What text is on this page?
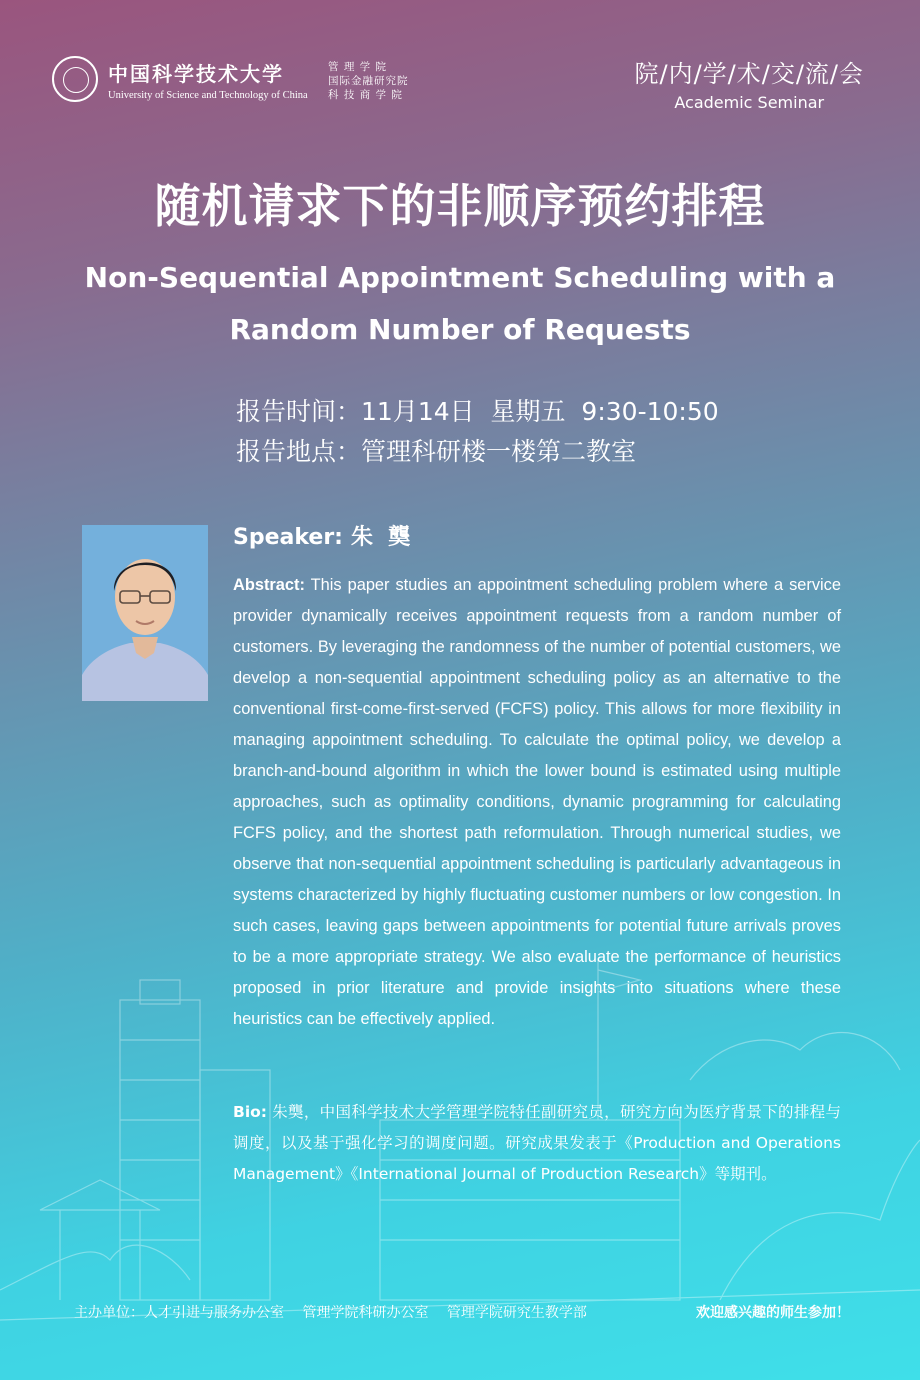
中国科学技术大学
University of Science and Technology of China
管 理 学 院
国际金融研究院
科 技 商 学 院
院/内/学/术/交/流/会
Academic Seminar
随机请求下的非顺序预约排程
Non-Sequential Appointment Scheduling with a Random Number of Requests
报告时间：11月14日  星期五  9:30-10:50
报告地点：管理科研楼一楼第二教室
Speaker: 朱  龑
Abstract: This paper studies an appointment scheduling problem where a service provider dynamically receives appointment requests from a random number of customers. By leveraging the randomness of the number of potential customers, we develop a non-sequential appointment scheduling policy as an alternative to the conventional first-come-first-served (FCFS) policy. This allows for more flexibility in managing appointment scheduling. To calculate the optimal policy, we develop a branch-and-bound algorithm in which the lower bound is estimated using multiple approaches, such as optimality conditions, dynamic programming for calculating FCFS policy, and the shortest path reformulation. Through numerical studies, we observe that non-sequential appointment scheduling is particularly advantageous in systems characterized by highly fluctuating customer numbers or low congestion. In such cases, leaving gaps between appointments for potential future arrivals proves to be a more appropriate strategy. We also evaluate the performance of heuristics proposed in prior literature and provide insights into situations where these heuristics can be effectively applied.
Bio: 朱龑，中国科学技术大学管理学院特任副研究员，研究方向为医疗背景下的排程与调度，以及基于强化学习的调度问题。研究成果发表于《Production and Operations Management》《International Journal of Production Research》等期刊。
主办单位：人才引进与服务办公室 管理学院科研办公室 管理学院研究生教学部	欢迎感兴趣的师生参加！
